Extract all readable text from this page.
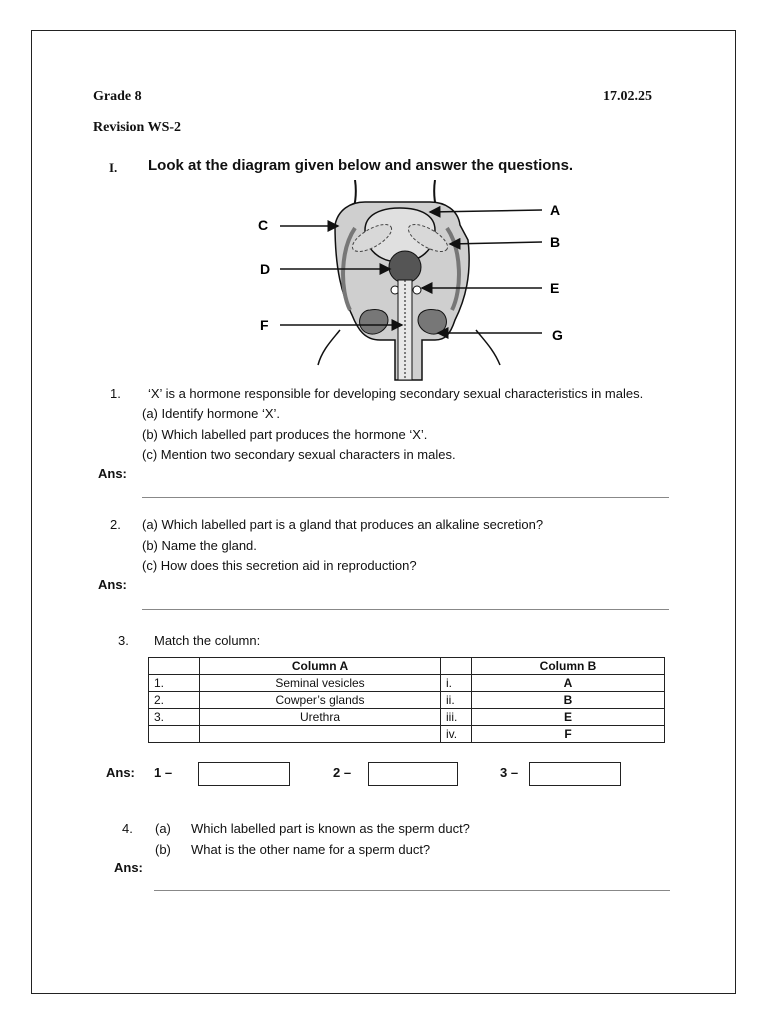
Grade 8	17.02.25
Revision WS-2
I. Look at the diagram given below and answer the questions.
A
B
C
D
E
F
G
1. ‘X’ is a hormone responsible for developing secondary sexual characteristics in males.
(a) Identify hormone ‘X’.
(b) Which labelled part produces the hormone ‘X’.
(c) Mention two secondary sexual characters in males.
Ans:
2. (a) Which labelled part is a gland that produces an alkaline secretion?
(b) Name the gland.
(c) How does this secretion aid in reproduction?
Ans:
3. Match the column:
	Column A		Column B
1.	Seminal vesicles	i.	A
2.	Cowper’s glands	ii.	B
3.	Urethra	iii.	E
		iv.	F
Ans: 1 –	2 –	3 –
4. (a) Which labelled part is known as the sperm duct?
(b) What is the other name for a sperm duct?
Ans:
